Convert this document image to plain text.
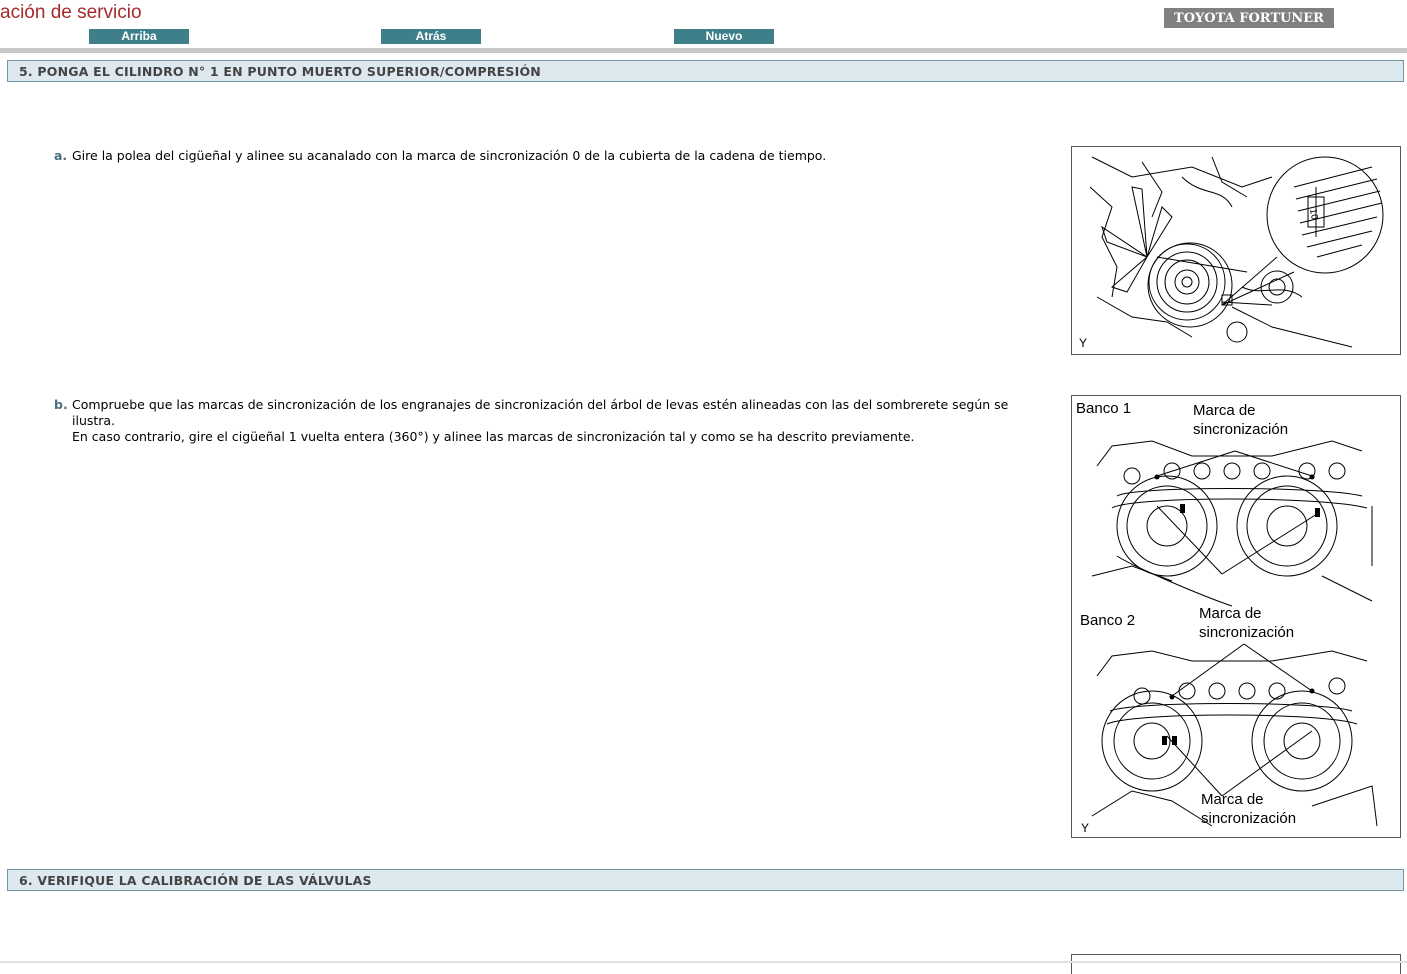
ación de servicio
Arriba	Atrás	Nuevo
TOYOTA FORTUNER
5. PONGA EL CILINDRO N° 1 EN PUNTO MUERTO SUPERIOR/COMPRESIÓN
a. Gire la polea del cigüeñal y alinee su acanalado con la marca de sincronización 0 de la cubierta de la cadena de tiempo.
10
Y
b. Compruebe que las marcas de sincronización de los engranajes de sincronización del árbol de levas estén alineadas con las del sombrerete según se ilustra.
En caso contrario, gire el cigüeñal 1 vuelta entera (360°) y alinee las marcas de sincronización tal y como se ha descrito previamente.
Banco 1	Marca de
sincronización
Banco 2	Marca de
sincronización
Marca de
sincronización
Y
6. VERIFIQUE LA CALIBRACIÓN DE LAS VÁLVULAS
